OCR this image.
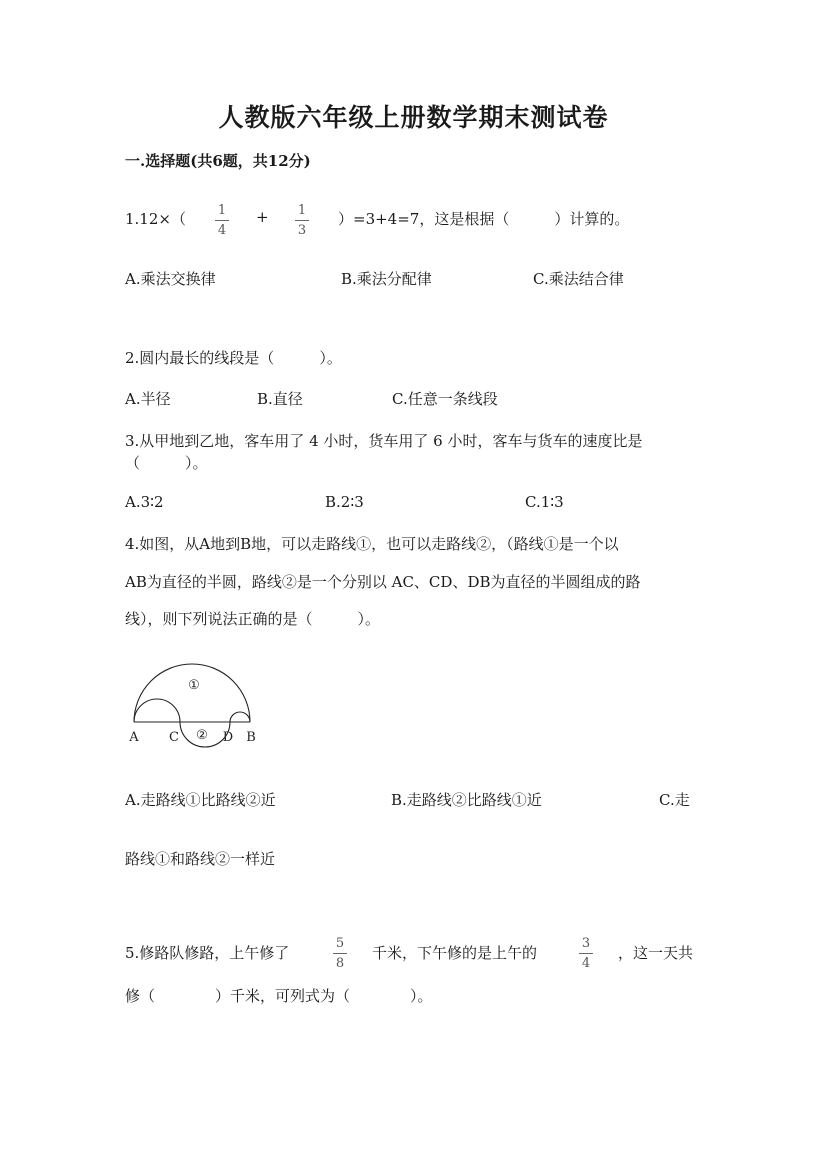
人教版六年级上册数学期末测试卷
一.选择题(共6题，共12分)
1.12×（	1
4
+	1
3
）=3+4=7，这是根据（　　　）计算的。
A.乘法交换律	B.乘法分配律	C.乘法结合律
2.圆内最长的线段是（　　　）。
A.半径	B.直径	C.任意一条线段
3.从甲地到乙地，客车用了 4 小时，货车用了 6 小时，客车与货车的速度比是
（　　　）。
A.3∶2	B.2∶3	C.1∶3
4.如图，从A地到B地，可以走路线①，也可以走路线②，（路线①是一个以
AB为直径的半圆，路线②是一个分别以 AC、CD、DB为直径的半圆组成的路
线），则下列说法正确的是（　　　）。
①
②
A C	D B
A.走路线①比路线②近	B.走路线②比路线①近	C.走
路线①和路线②一样近
5.修路队修路，上午修了
5
8
千米，下午修的是上午的
3
4
，这一天共
修（　　　　）千米，可列式为（　　　　）。
